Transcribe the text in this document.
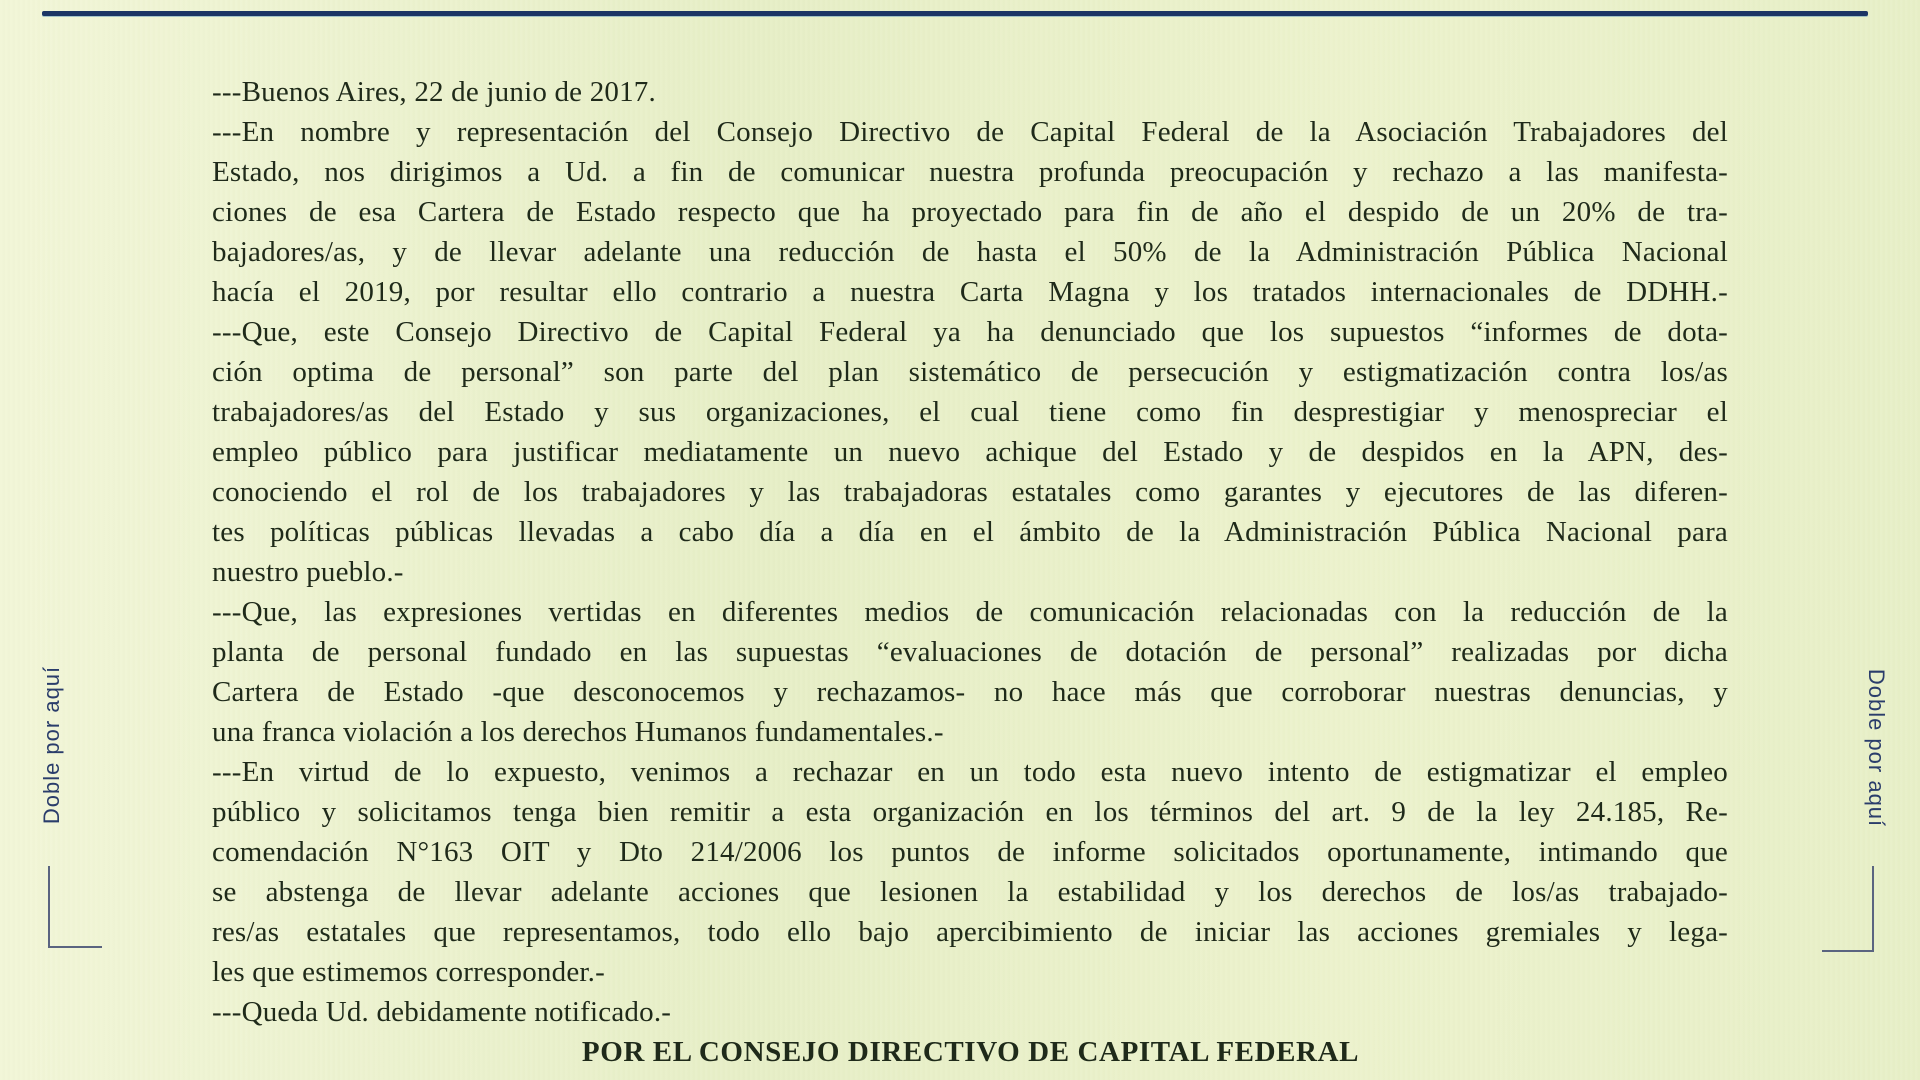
---Buenos Aires, 22 de junio de 2017.
---En nombre y representación del Consejo Directivo de Capital Federal de la Asociación Trabajadores del
Estado, nos dirigimos a Ud. a fin de comunicar nuestra profunda preocupación y rechazo a las manifesta-
ciones de esa Cartera de Estado respecto que ha proyectado para fin de año el despido de un 20% de tra-
bajadores/as, y de llevar adelante una reducción de hasta el 50% de la Administración Pública Nacional
hacía el 2019, por resultar ello contrario a nuestra Carta Magna y los tratados internacionales de DDHH.-
---Que, este Consejo Directivo de Capital Federal ya ha denunciado que los supuestos “informes de dota-
ción optima de personal” son parte del plan sistemático de persecución y estigmatización contra los/as
trabajadores/as del Estado y sus organizaciones, el cual tiene como fin desprestigiar y menospreciar el
empleo público para justificar mediatamente un nuevo achique del Estado y de despidos en la APN, des-
conociendo el rol de los trabajadores y las trabajadoras estatales como garantes y ejecutores de las diferen-
tes políticas públicas llevadas a cabo día a día en el ámbito de la Administración Pública Nacional para
nuestro pueblo.-
---Que, las expresiones vertidas en diferentes medios de comunicación relacionadas con la reducción de la
planta de personal fundado en las supuestas “evaluaciones de dotación de personal” realizadas por dicha
Cartera de Estado -que desconocemos y rechazamos- no hace más que corroborar nuestras denuncias, y
una franca violación a los derechos Humanos fundamentales.-
---En virtud de lo expuesto, venimos a rechazar en un todo esta nuevo intento de estigmatizar el empleo
público y solicitamos tenga bien remitir a esta organización en los términos del art. 9 de la ley 24.185, Re-
comendación N°163 OIT y Dto 214/2006 los puntos de informe solicitados oportunamente, intimando que
se abstenga de llevar adelante acciones que lesionen la estabilidad y los derechos de los/as trabajado-
res/as estatales que representamos, todo ello bajo apercibimiento de iniciar las acciones gremiales y lega-
les que estimemos corresponder.-
---Queda Ud. debidamente notificado.-
POR EL CONSEJO DIRECTIVO DE CAPITAL FEDERAL
Doble por aquí	Doble por aquí
